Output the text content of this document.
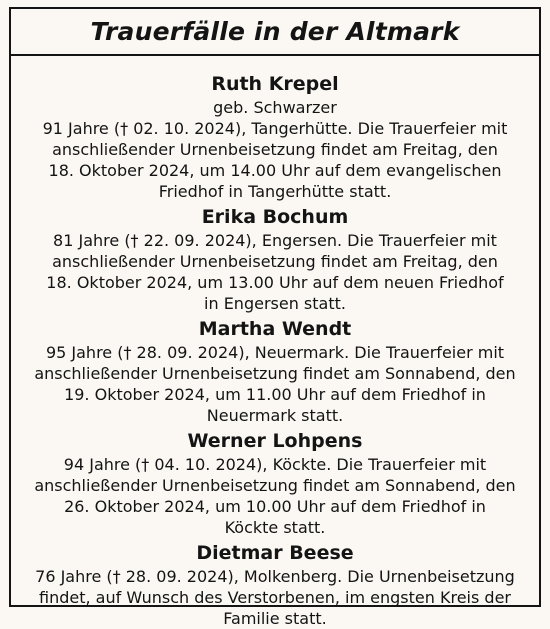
Trauerfälle in der Altmark
Ruth Krepel
geb. Schwarzer
91 Jahre († 02. 10. 2024), Tangerhütte. Die Trauerfeier mit
anschließender Urnenbeisetzung findet am Freitag, den
18. Oktober 2024, um 14.00 Uhr auf dem evangelischen
Friedhof in Tangerhütte statt.
Erika Bochum
81 Jahre († 22. 09. 2024), Engersen. Die Trauerfeier mit
anschließender Urnenbeisetzung findet am Freitag, den
18. Oktober 2024, um 13.00 Uhr auf dem neuen Friedhof
in Engersen statt.
Martha Wendt
95 Jahre († 28. 09. 2024), Neuermark. Die Trauerfeier mit
anschließender Urnenbeisetzung findet am Sonnabend, den
19. Oktober 2024, um 11.00 Uhr auf dem Friedhof in
Neuermark statt.
Werner Lohpens
94 Jahre († 04. 10. 2024), Köckte. Die Trauerfeier mit
anschließender Urnenbeisetzung findet am Sonnabend, den
26. Oktober 2024, um 10.00 Uhr auf dem Friedhof in
Köckte statt.
Dietmar Beese
76 Jahre († 28. 09. 2024), Molkenberg. Die Urnenbeisetzung
findet, auf Wunsch des Verstorbenen, im engsten Kreis der
Familie statt.
